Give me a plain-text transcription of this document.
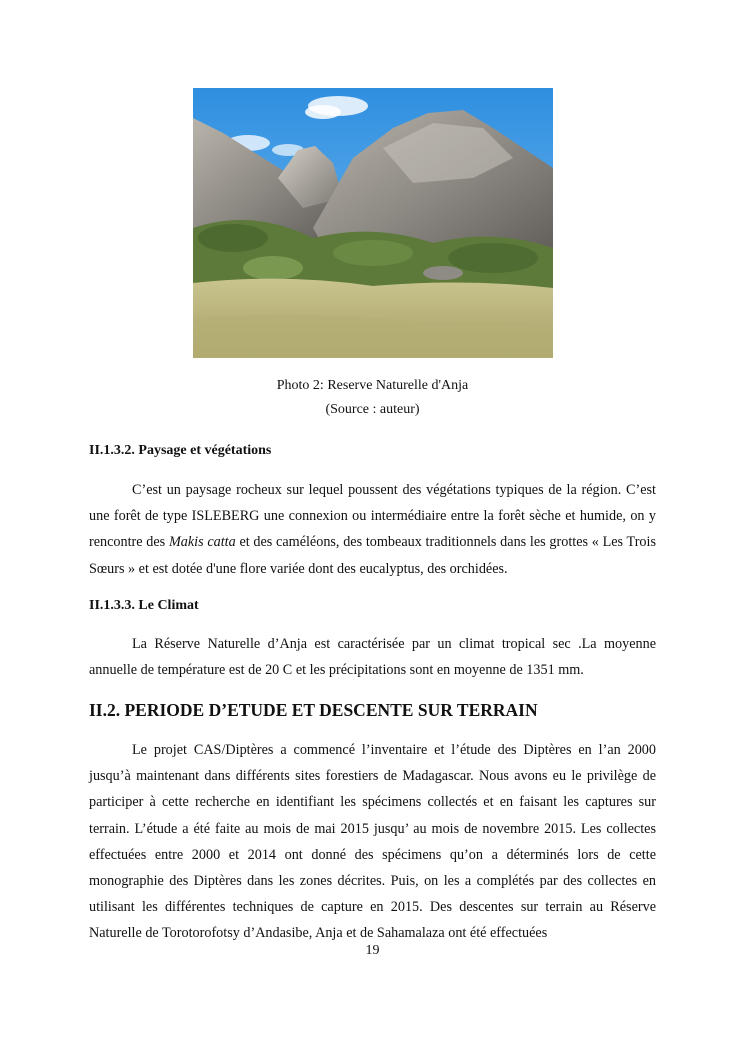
Photo 2: Reserve Naturelle d'Anja
(Source : auteur)
II.1.3.2. Paysage et végétations

C’est un paysage rocheux sur lequel poussent des végétations typiques de la région. C’est une forêt de type ISLEBERG une connexion ou intermédiaire entre la forêt sèche et humide, on y rencontre des Makis catta et des caméléons, des tombeaux traditionnels dans les grottes « Les Trois Sœurs » et est dotée d'une flore variée dont des eucalyptus, des orchidées.

II.1.3.3. Le Climat

La Réserve Naturelle d’Anja est caractérisée par un climat tropical sec .La moyenne annuelle de température est de 20 C et les précipitations sont en moyenne de 1351 mm.

II.2. PERIODE D’ETUDE ET DESCENTE SUR TERRAIN

Le projet CAS/Diptères a commencé l’inventaire et l’étude des Diptères en l’an 2000 jusqu’à maintenant dans différents sites forestiers de Madagascar. Nous avons eu le privilège de participer à cette recherche en identifiant les spécimens collectés et en faisant les captures sur terrain. L’étude a été faite au mois de mai 2015 jusqu’ au mois de novembre 2015. Les collectes effectuées entre 2000 et 2014 ont donné des spécimens qu’on a déterminés lors de cette monographie des Diptères dans les zones décrites. Puis, on les a complétés par des collectes en utilisant les différentes techniques de capture en 2015. Des descentes sur terrain au Réserve Naturelle de Torotorofotsy d’Andasibe, Anja et de Sahamalaza ont été effectuées

19
